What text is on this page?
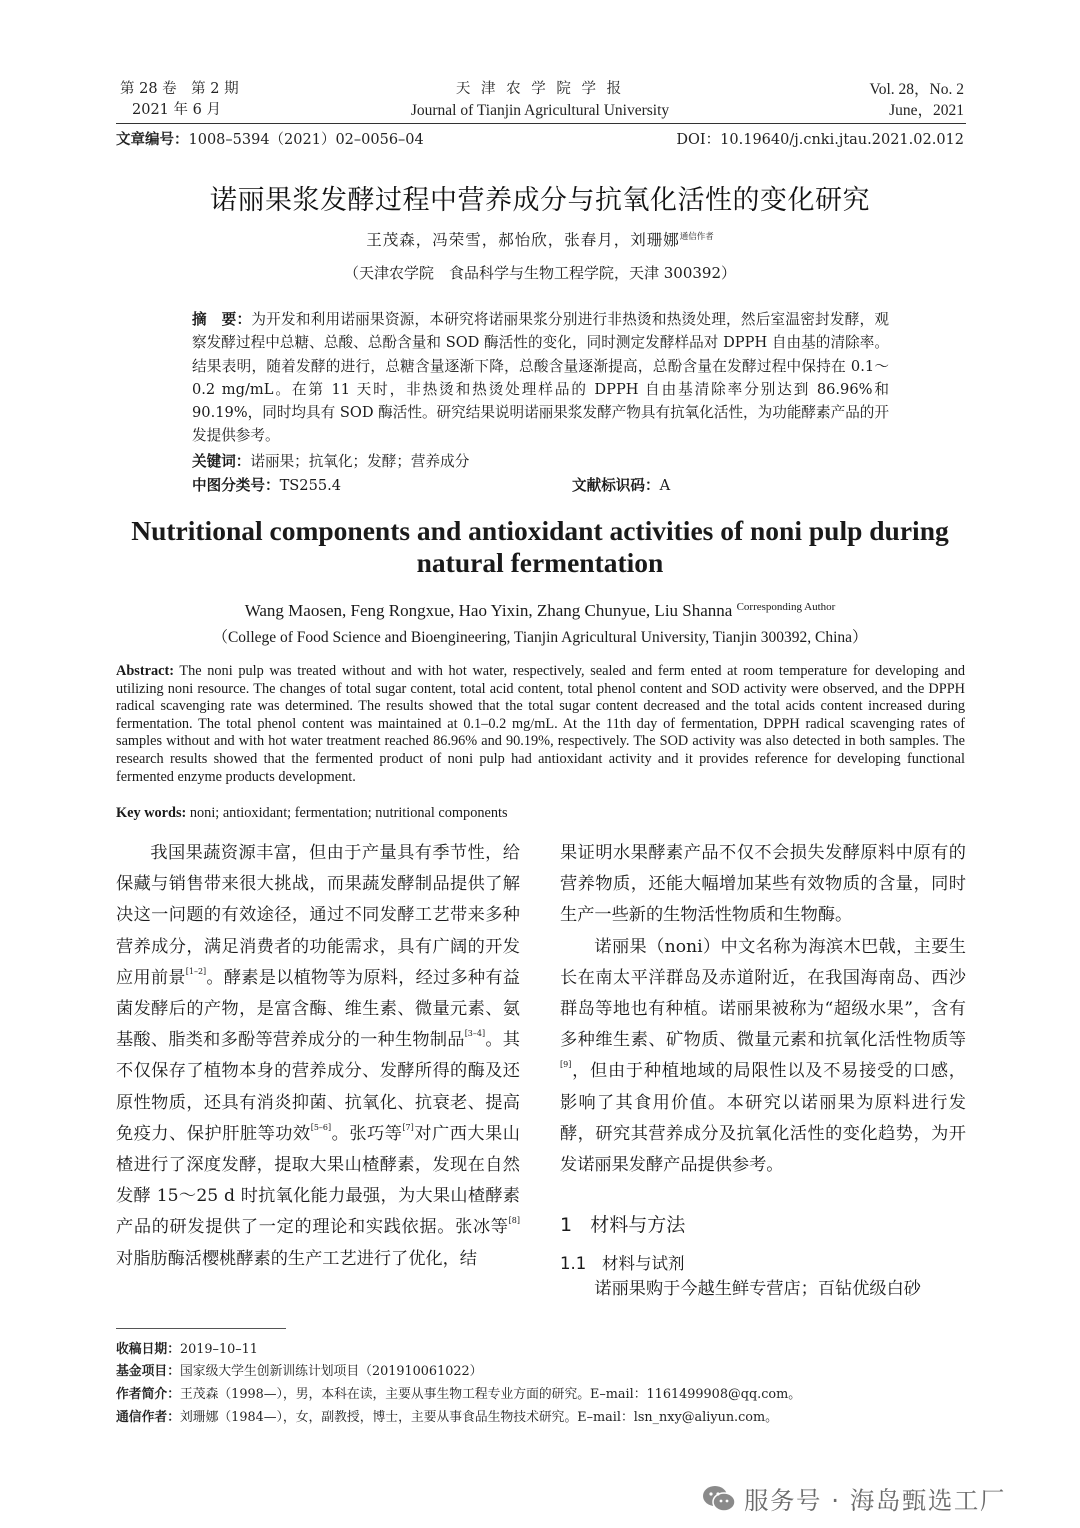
第 28 卷　第 2 期
2021 年 6 月
天 津 农 学 院 学 报
Journal of Tianjin Agricultural University
Vol. 28，No. 2
June，2021
文章编号：1008–5394（2021）02–0056–04	DOI：10.19640/j.cnki.jtau.2021.02.012
诺丽果浆发酵过程中营养成分与抗氧化活性的变化研究
王茂森，冯荣雪，郝怡欣，张春月，刘珊娜$^{通信作者}$
（天津农学院　食品科学与生物工程学院，天津 300392）
摘　要：为开发和利用诺丽果资源，本研究将诺丽果浆分别进行非热烫和热烫处理，然后室温密封发酵，观察发酵过程中总糖、总酸、总酚含量和 SOD 酶活性的变化，同时测定发酵样品对 DPPH 自由基的清除率。结果表明，随着发酵的进行，总糖含量逐渐下降，总酸含量逐渐提高，总酚含量在发酵过程中保持在 0.1～0.2 mg/mL。在第 11 天时，非热烫和热烫处理样品的 DPPH 自由基清除率分别达到 86.96%和 90.19%，同时均具有 SOD 酶活性。研究结果说明诺丽果浆发酵产物具有抗氧化活性，为功能酵素产品的开发提供参考。
关键词：诺丽果；抗氧化；发酵；营养成分
中图分类号：TS255.4	文献标识码：A
Nutritional components and antioxidant activities of noni pulp during natural fermentation
Wang Maosen, Feng Rongxue, Hao Yixin, Zhang Chunyue, Liu Shanna $^{Corresponding Author}$
（College of Food Science and Bioengineering, Tianjin Agricultural University, Tianjin 300392, China）
Abstract: The noni pulp was treated without and with hot water, respectively, sealed and ferm ented at room temperature for developing and utilizing noni resource. The changes of total sugar content, total acid content, total phenol content and SOD activity were observed, and the DPPH radical scavenging rate was determined. The results showed that the total sugar content decreased and the total acids content increased during fermentation. The total phenol content was maintained at 0.1–0.2 mg/mL. At the 11th day of fermentation, DPPH radical scavenging rates of samples without and with hot water treatment reached 86.96% and 90.19%, respectively. The SOD activity was also detected in both samples. The research results showed that the fermented product of noni pulp had antioxidant activity and it provides reference for developing functional fermented enzyme products development.
Key words: noni; antioxidant; fermentation; nutritional components

我国果蔬资源丰富，但由于产量具有季节性，给保藏与销售带来很大挑战，而果蔬发酵制品提供了解决这一问题的有效途径，通过不同发酵工艺带来多种营养成分，满足消费者的功能需求，具有广阔的开发应用前景[1–2]。酵素是以植物等为原料，经过多种有益菌发酵后的产物，是富含酶、维生素、微量元素、氨基酸、脂类和多酚等营养成分的一种生物制品[3–4]。其不仅保存了植物本身的营养成分、发酵所得的酶及还原性物质，还具有消炎抑菌、抗氧化、抗衰老、提高免疫力、保护肝脏等功效[5–6]。张巧等[7]对广西大果山楂进行了深度发酵，提取大果山楂酵素，发现在自然发酵 15～25 d 时抗氧化能力最强，为大果山楂酵素产品的研发提供了一定的理论和实践依据。张冰等[8]对脂肪酶活樱桃酵素的生产工艺进行了优化，结

果证明水果酵素产品不仅不会损失发酵原料中原有的营养物质，还能大幅增加某些有效物质的含量，同时生产一些新的生物活性物质和生物酶。

诺丽果（noni）中文名称为海滨木巴戟，主要生长在南太平洋群岛及赤道附近，在我国海南岛、西沙群岛等地也有种植。诺丽果被称为“超级水果”，含有多种维生素、矿物质、微量元素和抗氧化活性物质等[9]，但由于种植地域的局限性以及不易接受的口感，影响了其食用价值。本研究以诺丽果为原料进行发酵，研究其营养成分及抗氧化活性的变化趋势，为开发诺丽果发酵产品提供参考。

1 材料与方法
1.1 材料与试剂

诺丽果购于今越生鲜专营店；百钻优级白砂

收稿日期：2019–10–11
基金项目：国家级大学生创新训练计划项目（201910061022）
作者简介：王茂森（1998—），男，本科在读，主要从事生物工程专业方面的研究。E–mail：1161499908@qq.com。
通信作者：刘珊娜（1984—），女，副教授，博士，主要从事食品生物技术研究。E–mail：lsn_nxy@aliyun.com。
服务号 · 海岛甄选工厂
